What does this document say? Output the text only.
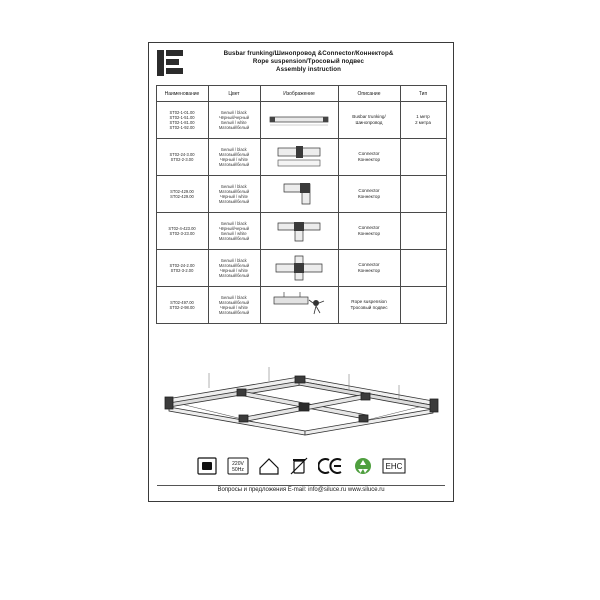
Busbar frunking/Шинопровод &Connector/Коннектор&
Rope suspension/Тросовый подвес
Assembly instruction
Наименование	Цвет	Изображение	Описание	Тип

ST02-1-01.00
ST02-1-51.00
ST02-1-81.00
ST02-1-92.00	Белый / black
Чёрный/черный
Белый / white
Матовый/белый		Busbar trunking/
Шинопровод	1 метр
2 метра

ST02-24-3.00
ST02-2-3.00	Белый / black
Матовый/белый
Чёрный / white
Матовый/белый		Connector
Коннектор	

ST02-429.00
ST02-429.00	Белый / black
Матовый/белый
Чёрный / white
Матовый/белый		Connector
Коннектор	

ST02-4-423.00
ST02-3-23.00	Белый / black
Чёрный/черный
Белый / white
Матовый/белый		Connector
Коннектор	

ST02-24-2.00
ST02-3-2.00	Белый / black
Матовый/белый
Чёрный / white
Матовый/белый		Connector
Коннектор	

ST02-497.00
ST02-2-98.00	Белый / black
Матовый/белый
Чёрный / white
Матовый/белый		Rope suspension
Тросовый подвес	

220V
50Hz	EHC
Вопросы и предложения E-mail: info@siluce.ru www.siluce.ru
